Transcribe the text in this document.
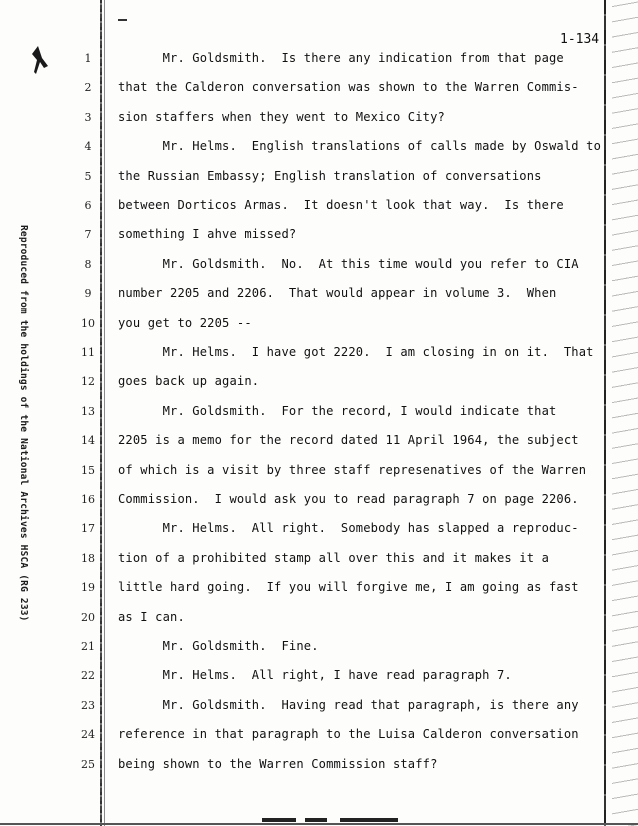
1-134
Reproduced from the holdings of the National Archives HSCA (RG 233)
1	Mr. Goldsmith.  Is there any indication from that page
2	that the Calderon conversation was shown to the Warren Commis-
3	sion staffers when they went to Mexico City?
4	Mr. Helms.  English translations of calls made by Oswald to
5	the Russian Embassy; English translation of conversations
6	between Dorticos Armas.  It doesn't look that way.  Is there
7	something I ahve missed?
8	Mr. Goldsmith.  No.  At this time would you refer to CIA
9	number 2205 and 2206.  That would appear in volume 3.  When
10 you get to 2205 --
11 Mr. Helms.  I have got 2220.  I am closing in on it.  That
12 goes back up again.
13 Mr. Goldsmith.  For the record, I would indicate that
14 2205 is a memo for the record dated 11 April 1964, the subject
15 of which is a visit by three staff represenatives of the Warren
16 Commission.  I would ask you to read paragraph 7 on page 2206.
17 Mr. Helms.  All right.  Somebody has slapped a reproduc-
18 tion of a prohibited stamp all over this and it makes it a
19 little hard going.  If you will forgive me, I am going as fast
20 as I can.
21 Mr. Goldsmith.  Fine.
22 Mr. Helms.  All right, I have read paragraph 7.
23 Mr. Goldsmith.  Having read that paragraph, is there any
24 reference in that paragraph to the Luisa Calderon conversation
25 being shown to the Warren Commission staff?
